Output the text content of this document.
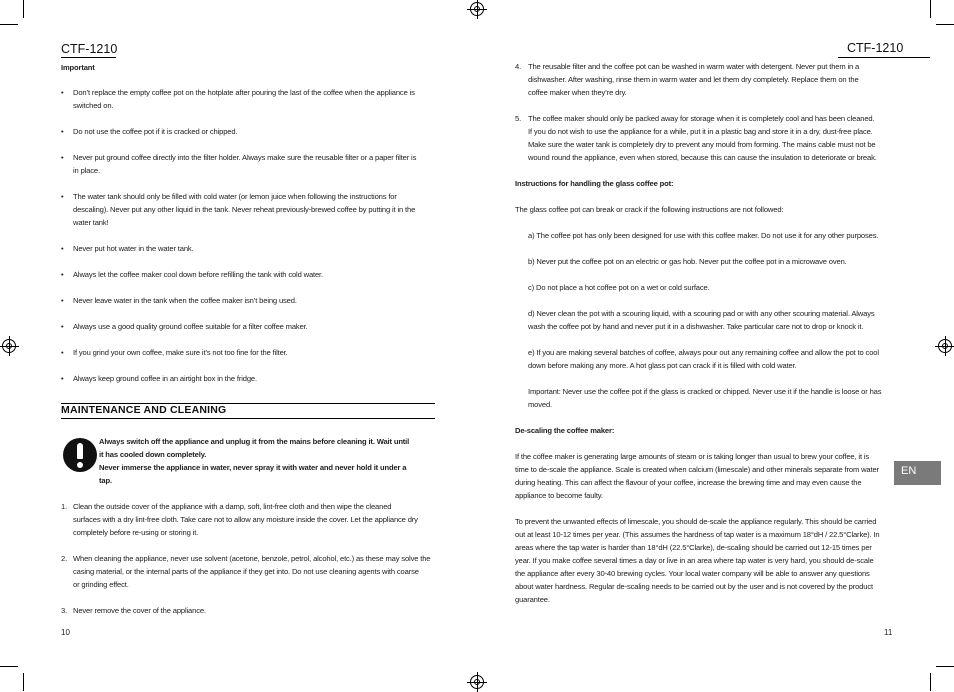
CTF-1210
Important
• Don’t replace the empty coffee pot on the hotplate after pouring the last of the coffee when the appliance is
switched on.
• Do not use the coffee pot if it is cracked or chipped.
• Never put ground coffee directly into the filter holder. Always make sure the reusable filter or a paper filter is
in place.
• The water tank should only be filled with cold water (or lemon juice when following the instructions for
descaling). Never put any other liquid in the tank. Never reheat previously-brewed coffee by putting it in the
water tank!
• Never put hot water in the water tank.
• Always let the coffee maker cool down before refilling the tank with cold water.
• Never leave water in the tank when the coffee maker isn’t being used.
• Always use a good quality ground coffee suitable for a filter coffee maker.
• If you grind your own coffee, make sure it’s not too fine for the filter.
• Always keep ground coffee in an airtight box in the fridge.
MAINTENANCE AND CLEANING
Always switch off the appliance and unplug it from the mains before cleaning it. Wait until
it has cooled down completely.
Never immerse the appliance in water, never spray it with water and never hold it under a
tap.
1. Clean the outside cover of the appliance with a damp, soft, lint-free cloth and then wipe the cleaned
surfaces with a dry lint-free cloth. Take care not to allow any moisture inside the cover. Let the appliance dry
completely before re-using or storing it.
2. When cleaning the appliance, never use solvent (acetone, benzole, petrol, alcohol, etc.) as these may solve the
casing material, or the internal parts of the appliance if they get into. Do not use cleaning agents with coarse
or grinding effect.
3. Never remove the cover of the appliance.
10
CTF-1210
4. The reusable filter and the coffee pot can be washed in warm water with detergent. Never put them in a
dishwasher. After washing, rinse them in warm water and let them dry completely. Replace them on the
coffee maker when they’re dry.
5. The coffee maker should only be packed away for storage when it is completely cool and has been cleaned.
If you do not wish to use the appliance for a while, put it in a plastic bag and store it in a dry, dust-free place.
Make sure the water tank is completely dry to prevent any mould from forming. The mains cable must not be
wound round the appliance, even when stored, because this can cause the insulation to deteriorate or break.
Instructions for handling the glass coffee pot:
The glass coffee pot can break or crack if the following instructions are not followed:
a) The coffee pot has only been designed for use with this coffee maker. Do not use it for any other purposes.
b) Never put the coffee pot on an electric or gas hob. Never put the coffee pot in a microwave oven.
c) Do not place a hot coffee pot on a wet or cold surface.
d) Never clean the pot with a scouring liquid, with a scouring pad or with any other scouring material. Always
wash the coffee pot by hand and never put it in a dishwasher. Take particular care not to drop or knock it.
e) If you are making several batches of coffee, always pour out any remaining coffee and allow the pot to cool
down before making any more. A hot glass pot can crack if it is filled with cold water.
Important: Never use the coffee pot if the glass is cracked or chipped. Never use it if the handle is loose or has
moved.
De-scaling the coffee maker:
If the coffee maker is generating large amounts of steam or is taking longer than usual to brew your coffee, it is
time to de-scale the appliance. Scale is created when calcium (limescale) and other minerals separate from water
during heating. This can affect the flavour of your coffee, increase the brewing time and may even cause the
appliance to become faulty.
To prevent the unwanted effects of limescale, you should de-scale the appliance regularly. This should be carried
out at least 10-12 times per year. (This assumes the hardness of tap water is a maximum 18°dH / 22.5°Clarke). In
areas where the tap water is harder than 18°dH (22.5°Clarke), de-scaling should be carried out 12-15 times per
year. If you make coffee several times a day or live in an area where tap water is very hard, you should de-scale
the appliance after every 30-40 brewing cycles. Your local water company will be able to answer any questions
about water hardness. Regular de-scaling needs to be carried out by the user and is not covered by the product
guarantee.
EN
11
